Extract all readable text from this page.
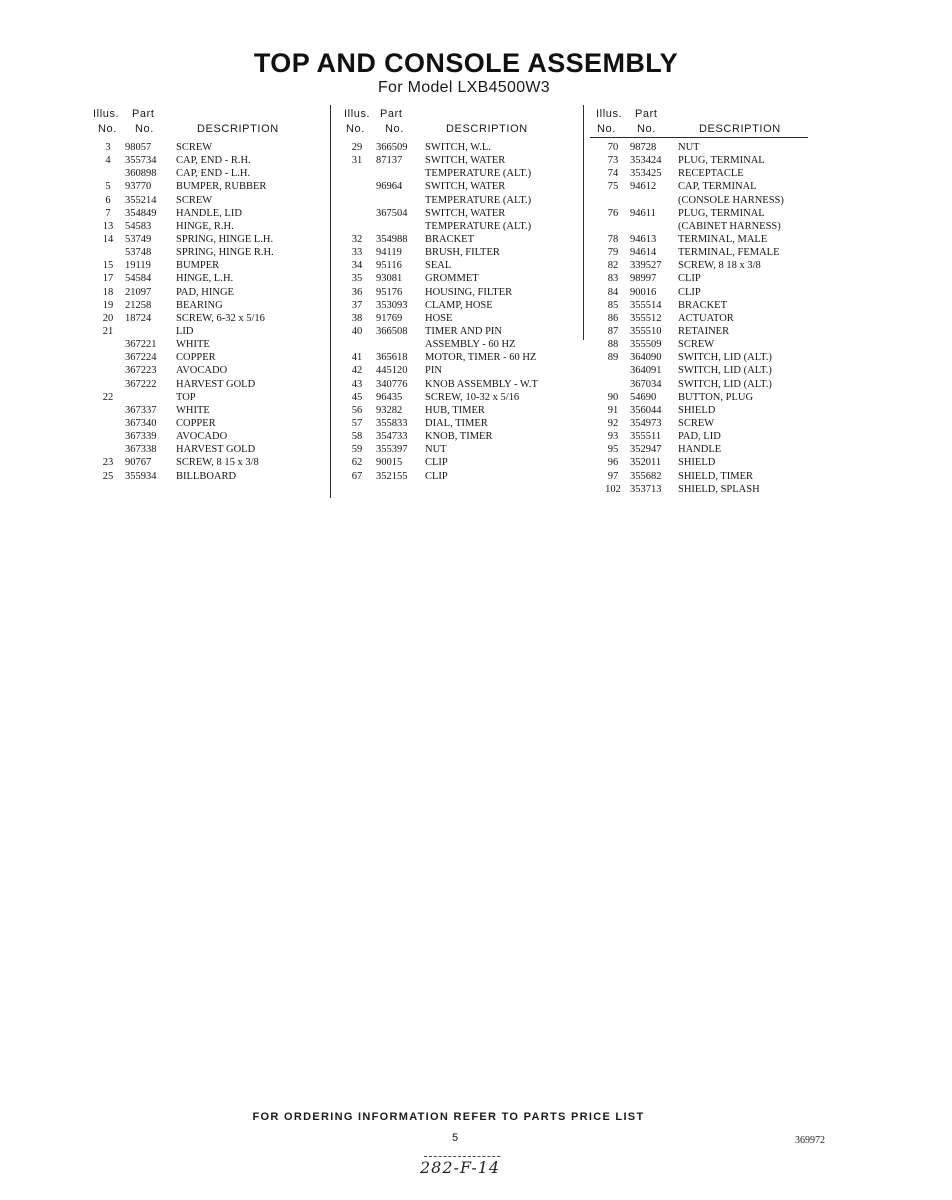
TOP AND CONSOLE ASSEMBLY
For Model LXB4500W3
Illus. Part
No. No.	DESCRIPTION
Illus. Part
No. No.	DESCRIPTION
Illus. Part
No. No.	DESCRIPTION
3	98057 SCREW
4	355734 CAP, END - R.H.
360898 CAP, END - L.H.
5	93770 BUMPER, RUBBER
6	355214 SCREW
7	354849 HANDLE, LID
13	54583 HINGE, R.H.
14	53749 SPRING, HINGE L.H.
53748 SPRING, HINGE R.H.
15	19119 BUMPER
17	54584 HINGE, L.H.
18	21097 PAD, HINGE
19	21258 BEARING
20	18724 SCREW, 6-32 x 5/16
21	LID
367221 WHITE
367224 COPPER
367223 AVOCADO
367222 HARVEST GOLD
22	TOP
367337 WHITE
367340 COPPER
367339 AVOCADO
367338 HARVEST GOLD
23	90767 SCREW, 8 15 x 3/8
25	355934 BILLBOARD
29	366509 SWITCH, W.L.
31	87137 SWITCH, WATER
TEMPERATURE (ALT.)
96964 SWITCH, WATER
TEMPERATURE (ALT.)
367504 SWITCH, WATER
TEMPERATURE (ALT.)
32	354988 BRACKET
33	94119 BRUSH, FILTER
34	95116 SEAL
35	93081 GROMMET
36	95176 HOUSING, FILTER
37	353093 CLAMP, HOSE
38	91769 HOSE
40	366508 TIMER AND PIN
ASSEMBLY - 60 HZ
41	365618 MOTOR, TIMER - 60 HZ
42	445120 PIN
43	340776 KNOB ASSEMBLY - W.T
45	96435 SCREW, 10-32 x 5/16
56	93282 HUB, TIMER
57	355833 DIAL, TIMER
58	354733 KNOB, TIMER
59	355397 NUT
62	90015 CLIP
67	352155 CLIP
70	98728 NUT
73	353424 PLUG, TERMINAL
74	353425 RECEPTACLE
75	94612 CAP, TERMINAL
(CONSOLE HARNESS)
76	94611 PLUG, TERMINAL
(CABINET HARNESS)
78	94613 TERMINAL, MALE
79	94614 TERMINAL, FEMALE
82	339527 SCREW, 8 18 x 3/8
83	98997 CLIP
84	90016 CLIP
85	355514 BRACKET
86	355512 ACTUATOR
87	355510 RETAINER
88	355509 SCREW
89	364090 SWITCH, LID (ALT.)
364091 SWITCH, LID (ALT.)
367034 SWITCH, LID (ALT.)
90	54690 BUTTON, PLUG
91	356044 SHIELD
92	354973 SCREW
93	355511 PAD, LID
95	352947 HANDLE
96	352011 SHIELD
97	355682 SHIELD, TIMER
102 353713 SHIELD, SPLASH
FOR ORDERING INFORMATION REFER TO PARTS PRICE LIST
5	369972
282-F-14
